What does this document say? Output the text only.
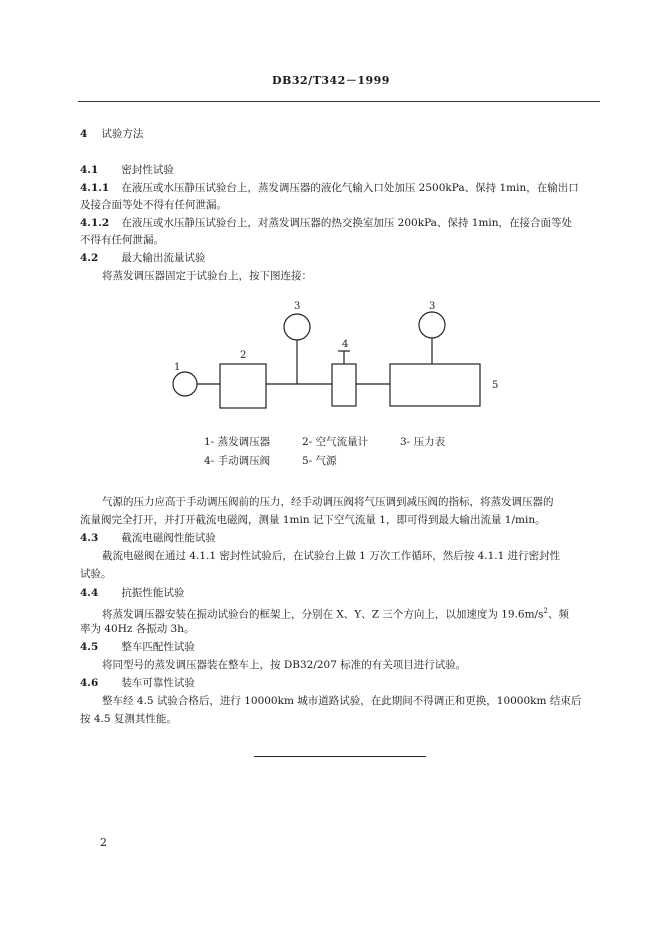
DB32/T342－1999
4 试验方法
4.1 密封性试验
4.1.1 在液压或水压静压试验台上，蒸发调压器的液化气输入口处加压 2500kPa、保持 1min，在输出口
及接合面等处不得有任何泄漏。
4.1.2 在液压或水压静压试验台上，对蒸发调压器的热交换室加压 200kPa、保持 1min，在接合面等处
不得有任何泄漏。
4.2 最大输出流量试验
将蒸发调压器固定于试验台上，按下图连接：
1
2
3
4
3
5
1- 蒸发调压器	2- 空气流量计	3- 压力表
4- 手动调压阀	5- 气源
气源的压力应高于手动调压阀前的压力，经手动调压阀将气压调到减压阀的指标，将蒸发调压器的
流量阀完全打开，并打开截流电磁阀，测量 1min 记下空气流量 1，即可得到最大输出流量 1/min。
4.3 截流电磁阀性能试验
截流电磁阀在通过 4.1.1 密封性试验后，在试验台上做 1 万次工作循环，然后按 4.1.1 进行密封性
试验。
4.4 抗振性能试验
将蒸发调压器安装在振动试验台的框架上，分别在 X、Y、Z 三个方向上，以加速度为 $19.6m/s^2$、频
率为 40Hz 各振动 3h。
4.5 整车匹配性试验
将同型号的蒸发调压器装在整车上，按 DB32/207 标准的有关项目进行试验。
4.6 装车可靠性试验
整车经 4.5 试验合格后，进行 10000km 城市道路试验，在此期间不得调正和更换，10000km 结束后
按 4.5 复测其性能。
2
